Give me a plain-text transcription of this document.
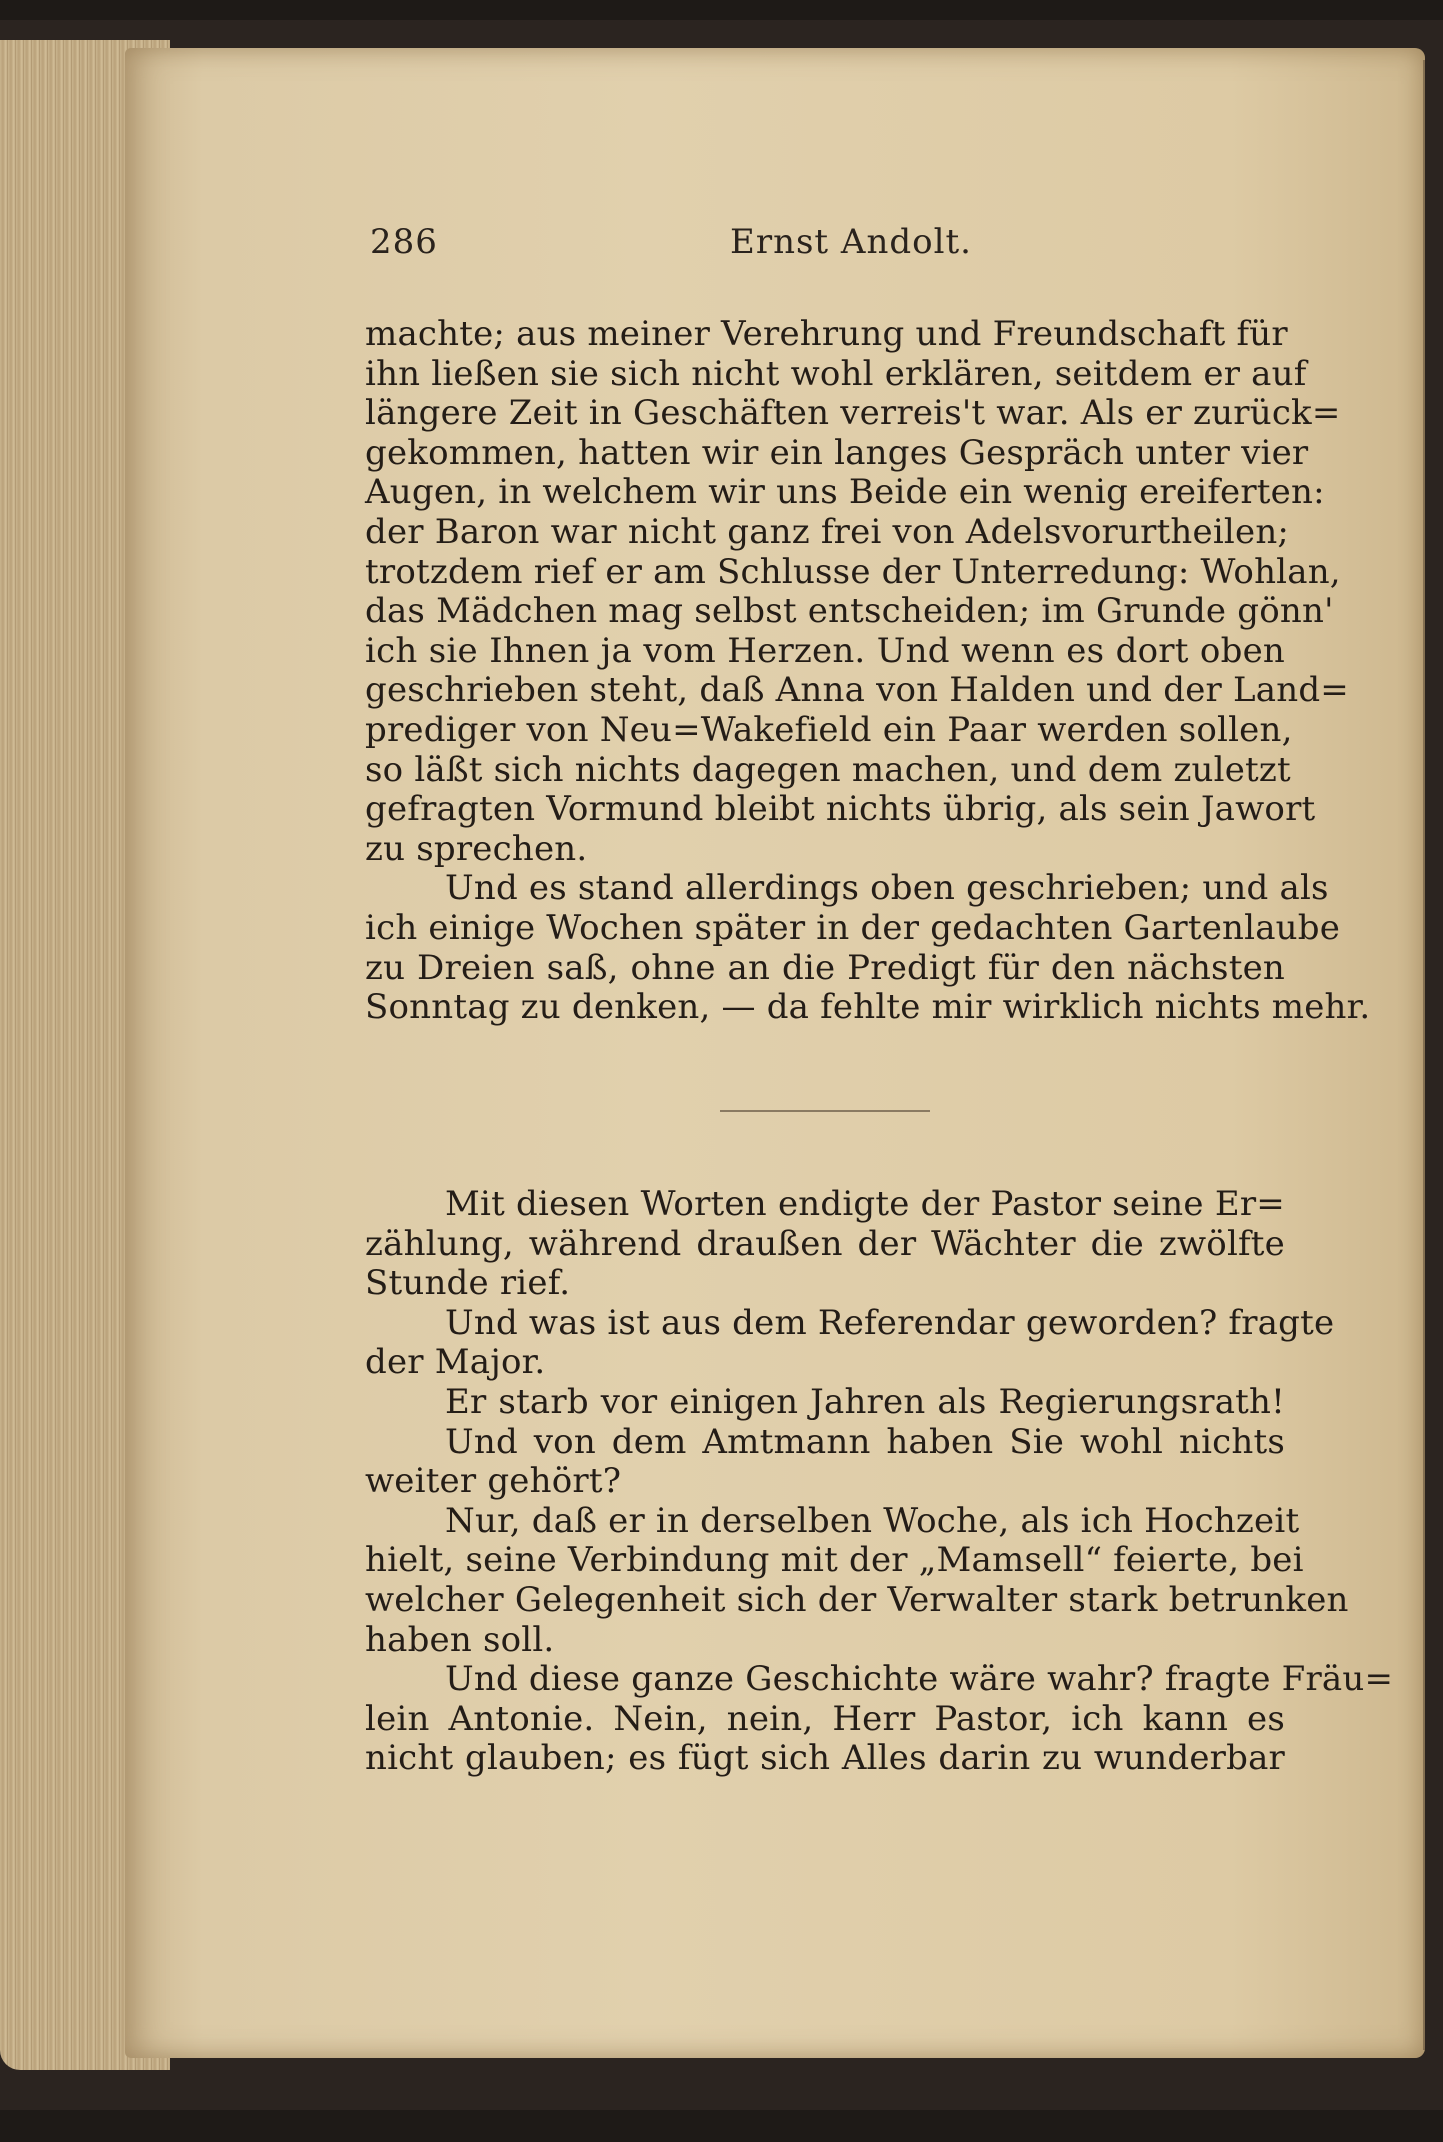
286	Ernst Andolt.
machte; aus meiner Verehrung und Freundschaft für
ihn ließen sie sich nicht wohl erklären, seitdem er auf
längere Zeit in Geschäften verreis't war. Als er zurück=
gekommen, hatten wir ein langes Gespräch unter vier
Augen, in welchem wir uns Beide ein wenig ereiferten:
der Baron war nicht ganz frei von Adelsvorurtheilen;
trotzdem rief er am Schlusse der Unterredung: Wohlan,
das Mädchen mag selbst entscheiden; im Grunde gönn'
ich sie Ihnen ja vom Herzen. Und wenn es dort oben
geschrieben steht, daß Anna von Halden und der Land=
prediger von Neu=Wakefield ein Paar werden sollen,
so läßt sich nichts dagegen machen, und dem zuletzt
gefragten Vormund bleibt nichts übrig, als sein Jawort
zu sprechen.
Und es stand allerdings oben geschrieben; und als
ich einige Wochen später in der gedachten Gartenlaube
zu Dreien saß, ohne an die Predigt für den nächsten
Sonntag zu denken, — da fehlte mir wirklich nichts mehr.
Mit diesen Worten endigte der Pastor seine Er=
zählung, während draußen der Wächter die zwölfte
Stunde rief.
Und was ist aus dem Referendar geworden? fragte
der Major.
Er starb vor einigen Jahren als Regierungsrath!
Und von dem Amtmann haben Sie wohl nichts
weiter gehört?
Nur, daß er in derselben Woche, als ich Hochzeit
hielt, seine Verbindung mit der „Mamsell“ feierte, bei
welcher Gelegenheit sich der Verwalter stark betrunken
haben soll.
Und diese ganze Geschichte wäre wahr? fragte Fräu=
lein Antonie. Nein, nein, Herr Pastor, ich kann es
nicht glauben; es fügt sich Alles darin zu wunderbar
